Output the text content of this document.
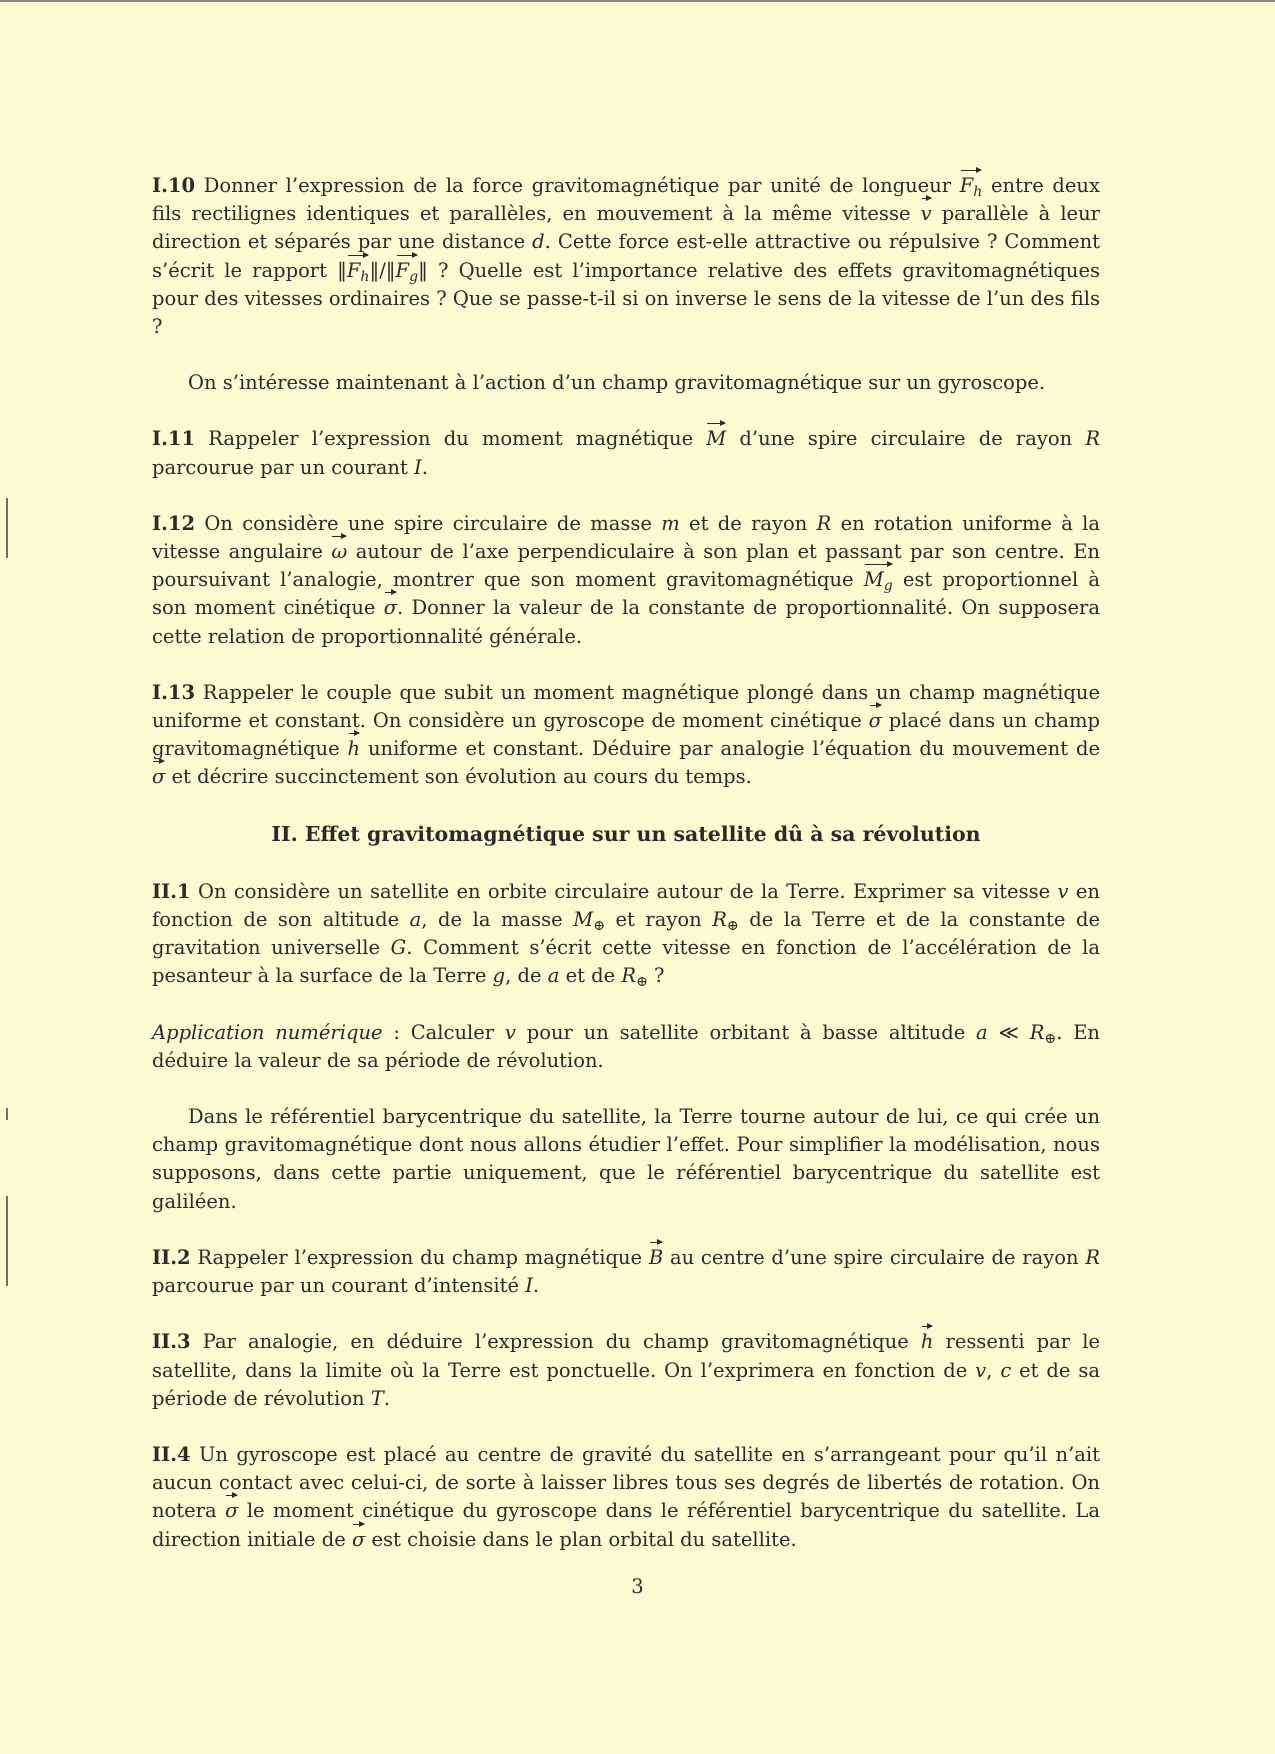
I.10 Donner l’expression de la force gravitomagnétique par unité de longueur $F_h$ entre deux fils rectilignes identiques et parallèles, en mouvement à la même vitesse v parallèle à leur direction et séparés par une distance d. Cette force est-elle attractive ou répulsive ? Comment s’écrit le rapport $‖F_h‖/‖F_g‖$ ? Quelle est l’importance relative des effets gravitomagnétiques pour des vitesses ordinaires ? Que se passe-t-il si on inverse le sens de la vitesse de l’un des fils ?

On s’intéresse maintenant à l’action d’un champ gravitomagnétique sur un gyroscope.

I.11 Rappeler l’expression du moment magnétique M d’une spire circulaire de rayon R parcourue par un courant I.

I.12 On considère une spire circulaire de masse m et de rayon R en rotation uniforme à la vitesse angulaire ω autour de l’axe perpendiculaire à son plan et passant par son centre. En poursuivant l’analogie, montrer que son moment gravitomagnétique $M_g$ est proportionnel à son moment cinétique σ. Donner la valeur de la constante de proportionnalité. On supposera cette relation de proportionnalité générale.

I.13 Rappeler le couple que subit un moment magnétique plongé dans un champ magnétique uniforme et constant. On considère un gyroscope de moment cinétique σ placé dans un champ gravitomagnétique h uniforme et constant. Déduire par analogie l’équation du mouvement de σ et décrire succinctement son évolution au cours du temps.

II. Effet gravitomagnétique sur un satellite dû à sa révolution

II.1 On considère un satellite en orbite circulaire autour de la Terre. Exprimer sa vitesse v en fonction de son altitude a, de la masse $M_\oplus$ et rayon $R_\oplus$ de la Terre et de la constante de gravitation universelle G. Comment s’écrit cette vitesse en fonction de l’accélération de la pesanteur à la surface de la Terre g, de a et de $R_\oplus$ ?

Application numérique : Calculer v pour un satellite orbitant à basse altitude a ≪ $R_\oplus$. En déduire la valeur de sa période de révolution.

Dans le référentiel barycentrique du satellite, la Terre tourne autour de lui, ce qui crée un champ gravitomagnétique dont nous allons étudier l’effet. Pour simplifier la modélisation, nous supposons, dans cette partie uniquement, que le référentiel barycentrique du satellite est galiléen.

II.2 Rappeler l’expression du champ magnétique B au centre d’une spire circulaire de rayon R parcourue par un courant d’intensité I.

II.3 Par analogie, en déduire l’expression du champ gravitomagnétique h ressenti par le satellite, dans la limite où la Terre est ponctuelle. On l’exprimera en fonction de v, c et de sa période de révolution T.

II.4 Un gyroscope est placé au centre de gravité du satellite en s’arrangeant pour qu’il n’ait aucun contact avec celui-ci, de sorte à laisser libres tous ses degrés de libertés de rotation. On notera σ le moment cinétique du gyroscope dans le référentiel barycentrique du satellite. La direction initiale de σ est choisie dans le plan orbital du satellite.

3
